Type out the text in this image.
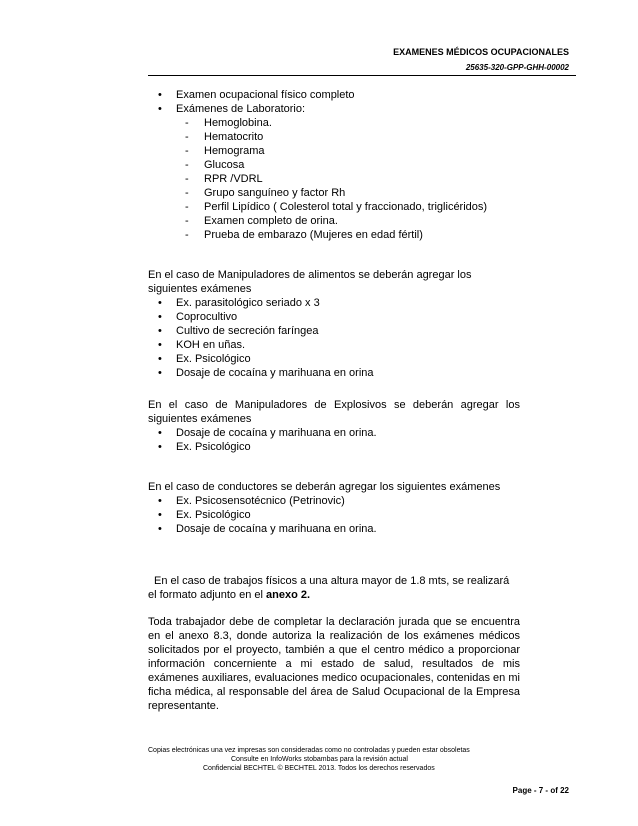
EXAMENES MÉDICOS OCUPACIONALES
25635-320-GPP-GHH-00002
• Examen ocupacional físico completo
• Exámenes de Laboratorio:
- Hemoglobina.
- Hematocrito
- Hemograma
- Glucosa
- RPR /VDRL
- Grupo sanguíneo y factor Rh
- Perfil Lipídico ( Colesterol total y fraccionado, triglicéridos)
- Examen completo de orina.
- Prueba de embarazo (Mujeres en edad fértil)
En el caso de Manipuladores de alimentos se deberán agregar los siguientes exámenes
• Ex. parasitológico seriado x 3
• Coprocultivo
• Cultivo de secreción faríngea
• KOH en uñas.
• Ex. Psicológico
• Dosaje de cocaína y marihuana en orina
En el caso de Manipuladores de Explosivos se deberán agregar los siguientes exámenes
• Dosaje de cocaína y marihuana en orina.
• Ex. Psicológico
En el caso de conductores se deberán agregar los siguientes exámenes
• Ex. Psicosensotécnico (Petrinovic)
• Ex. Psicológico
• Dosaje de cocaína y marihuana en orina.
En el caso de trabajos físicos a una altura mayor de 1.8 mts, se realizará el formato adjunto en el anexo 2.
Toda trabajador debe de completar la declaración jurada que se encuentra en el anexo 8.3, donde autoriza la realización de los exámenes médicos solicitados por el proyecto, también a que el centro médico a proporcionar información concerniente a mi estado de salud, resultados de mis exámenes auxiliares, evaluaciones medico ocupacionales, contenidas en mi ficha médica, al responsable del área de Salud Ocupacional de la Empresa representante.
Copias electrónicas una vez impresas son consideradas como no controladas y pueden estar obsoletas
Consulte en InfoWorks stobambas para la revisión actual
Confidencial BECHTEL © BECHTEL 2013. Todos los derechos reservados
Page - 7 - of 22
